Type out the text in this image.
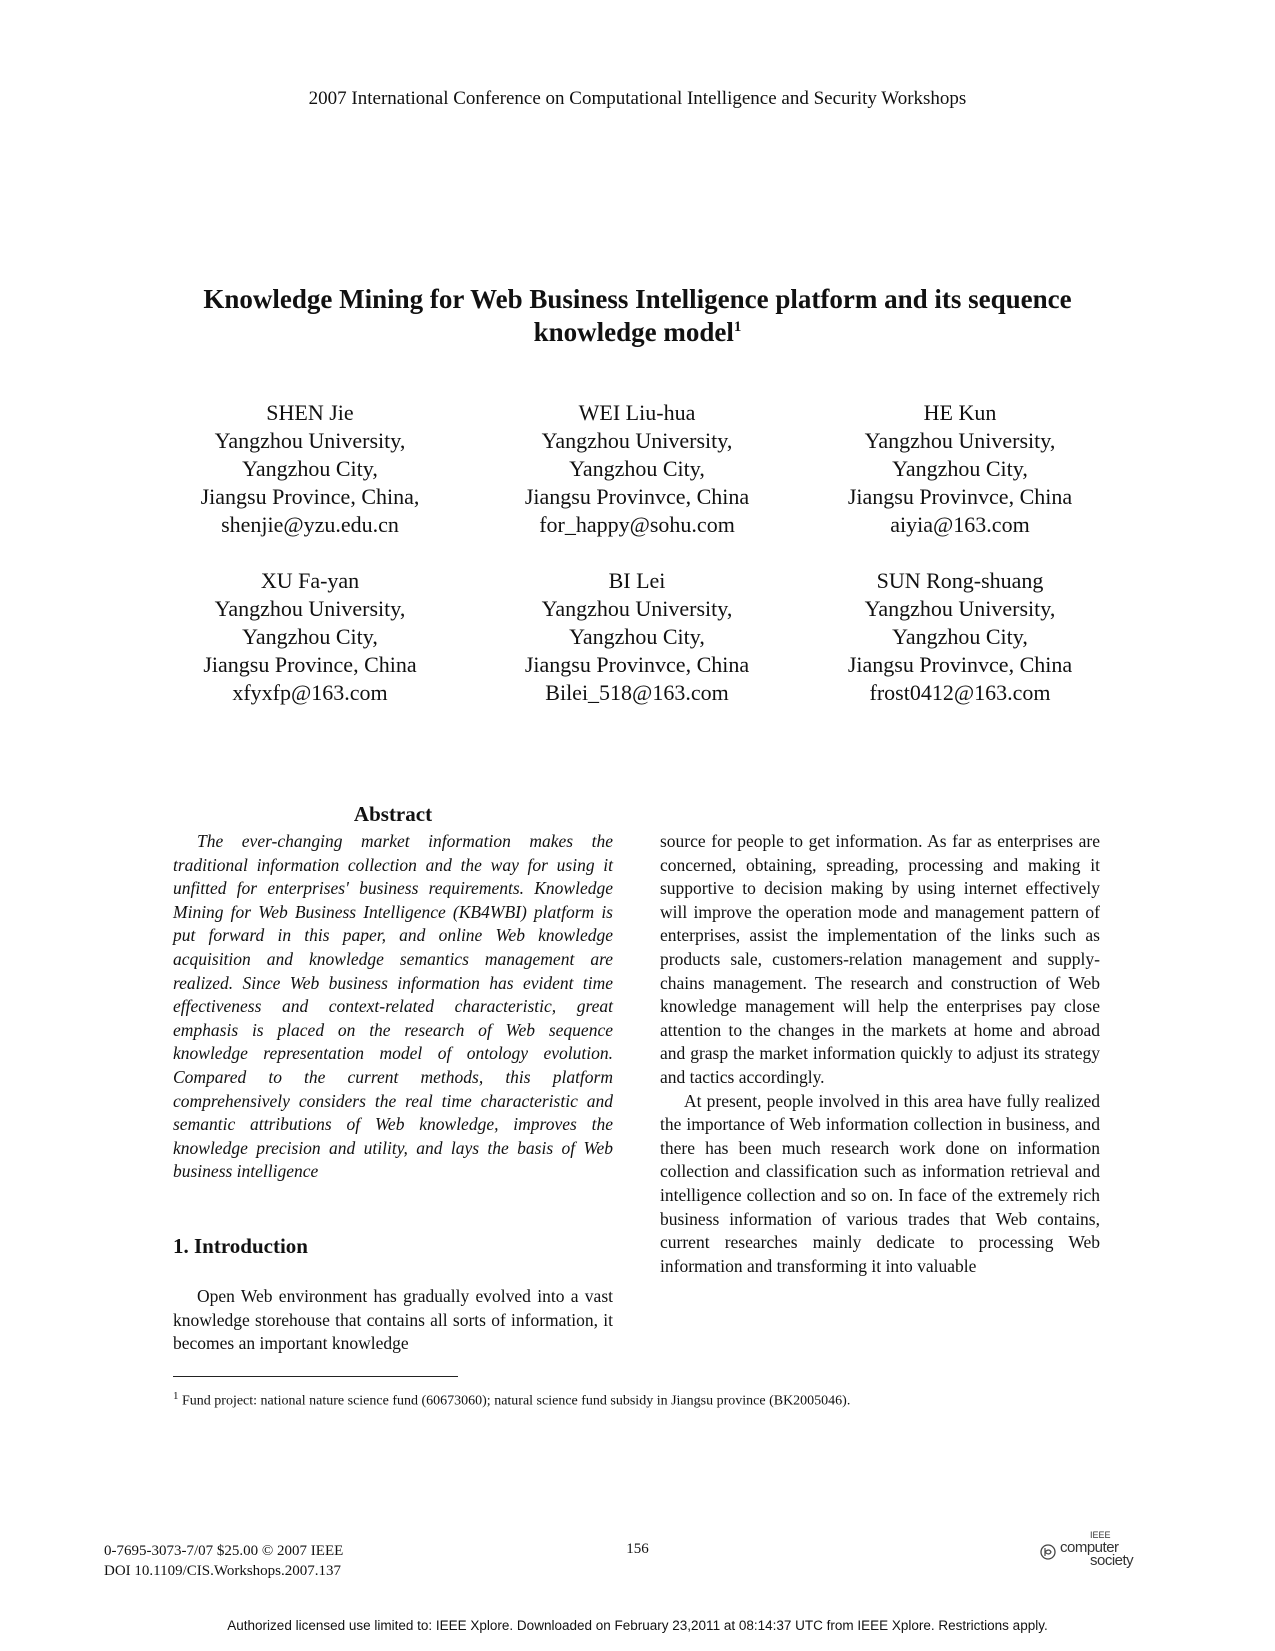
2007 International Conference on Computational Intelligence and Security Workshops
Knowledge Mining for Web Business Intelligence platform and its sequence knowledge model$^1$
SHEN Jie
Yangzhou University,
Yangzhou City,
Jiangsu Province, China,
shenjie@yzu.edu.cn
WEI Liu-hua
Yangzhou University,
Yangzhou City,
Jiangsu Provinvce, China
for_happy@sohu.com
HE Kun
Yangzhou University,
Yangzhou City,
Jiangsu Provinvce, China
aiyia@163.com
XU Fa-yan
Yangzhou University,
Yangzhou City,
Jiangsu Province, China
xfyxfp@163.com
BI Lei
Yangzhou University,
Yangzhou City,
Jiangsu Provinvce, China
Bilei_518@163.com
SUN Rong-shuang
Yangzhou University,
Yangzhou City,
Jiangsu Provinvce, China
frost0412@163.com
Abstract

The ever-changing market information makes the traditional information collection and the way for using it unfitted for enterprises' business requirements. Knowledge Mining for Web Business Intelligence (KB4WBI) platform is put forward in this paper, and online Web knowledge acquisition and knowledge semantics management are realized. Since Web business information has evident time effectiveness and context-related characteristic, great emphasis is placed on the research of Web sequence knowledge representation model of ontology evolution. Compared to the current methods, this platform comprehensively considers the real time characteristic and semantic attributions of Web knowledge, improves the knowledge precision and utility, and lays the basis of Web business intelligence

1. Introduction

Open Web environment has gradually evolved into a vast knowledge storehouse that contains all sorts of information, it becomes an important knowledge

source for people to get information. As far as enterprises are concerned, obtaining, spreading, processing and making it supportive to decision making by using internet effectively will improve the operation mode and management pattern of enterprises, assist the implementation of the links such as products sale, customers-relation management and supply-chains management. The research and construction of Web knowledge management will help the enterprises pay close attention to the changes in the markets at home and abroad and grasp the market information quickly to adjust its strategy and tactics accordingly.

At present, people involved in this area have fully realized the importance of Web information collection in business, and there has been much research work done on information collection and classification such as information retrieval and intelligence collection and so on. In face of the extremely rich business information of various trades that Web contains, current researches mainly dedicate to processing Web information and transforming it into valuable

$^1$ Fund project: national nature science fund (60673060); natural science fund subsidy in Jiangsu province (BK2005046).
0-7695-3073-7/07 $25.00 © 2007 IEEE
DOI 10.1109/CIS.Workshops.2007.137
156
IEEE
computer
society
Authorized licensed use limited to: IEEE Xplore. Downloaded on February 23,2011 at 08:14:37 UTC from IEEE Xplore. Restrictions apply.
